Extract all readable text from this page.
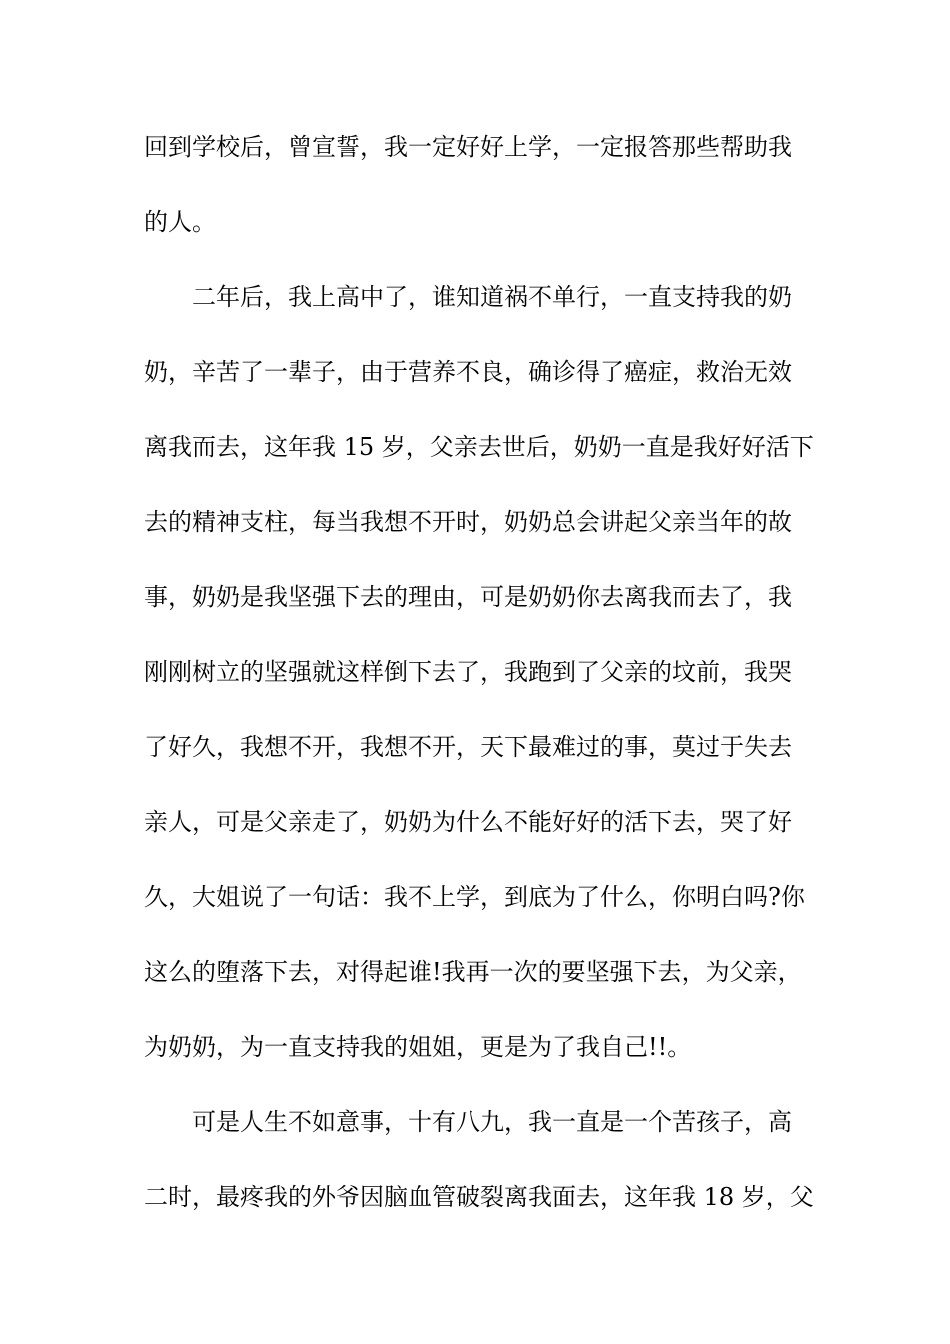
回到学校后，曾宣誓，我一定好好上学，一定报答那些帮助我
的人。
二年后，我上高中了，谁知道祸不单行，一直支持我的奶
奶，辛苦了一辈子，由于营养不良，确诊得了癌症，救治无效
离我而去，这年我 15 岁，父亲去世后，奶奶一直是我好好活下
去的精神支柱，每当我想不开时，奶奶总会讲起父亲当年的故
事，奶奶是我坚强下去的理由，可是奶奶你去离我而去了，我
刚刚树立的坚强就这样倒下去了，我跑到了父亲的坟前，我哭
了好久，我想不开，我想不开，天下最难过的事，莫过于失去
亲人，可是父亲走了，奶奶为什么不能好好的活下去，哭了好
久，大姐说了一句话：我不上学，到底为了什么，你明白吗?你
这么的堕落下去，对得起谁!我再一次的要坚强下去，为父亲，
为奶奶，为一直支持我的姐姐，更是为了我自己!!。
可是人生不如意事，十有八九，我一直是一个苦孩子，高
二时，最疼我的外爷因脑血管破裂离我面去，这年我 18 岁，父
